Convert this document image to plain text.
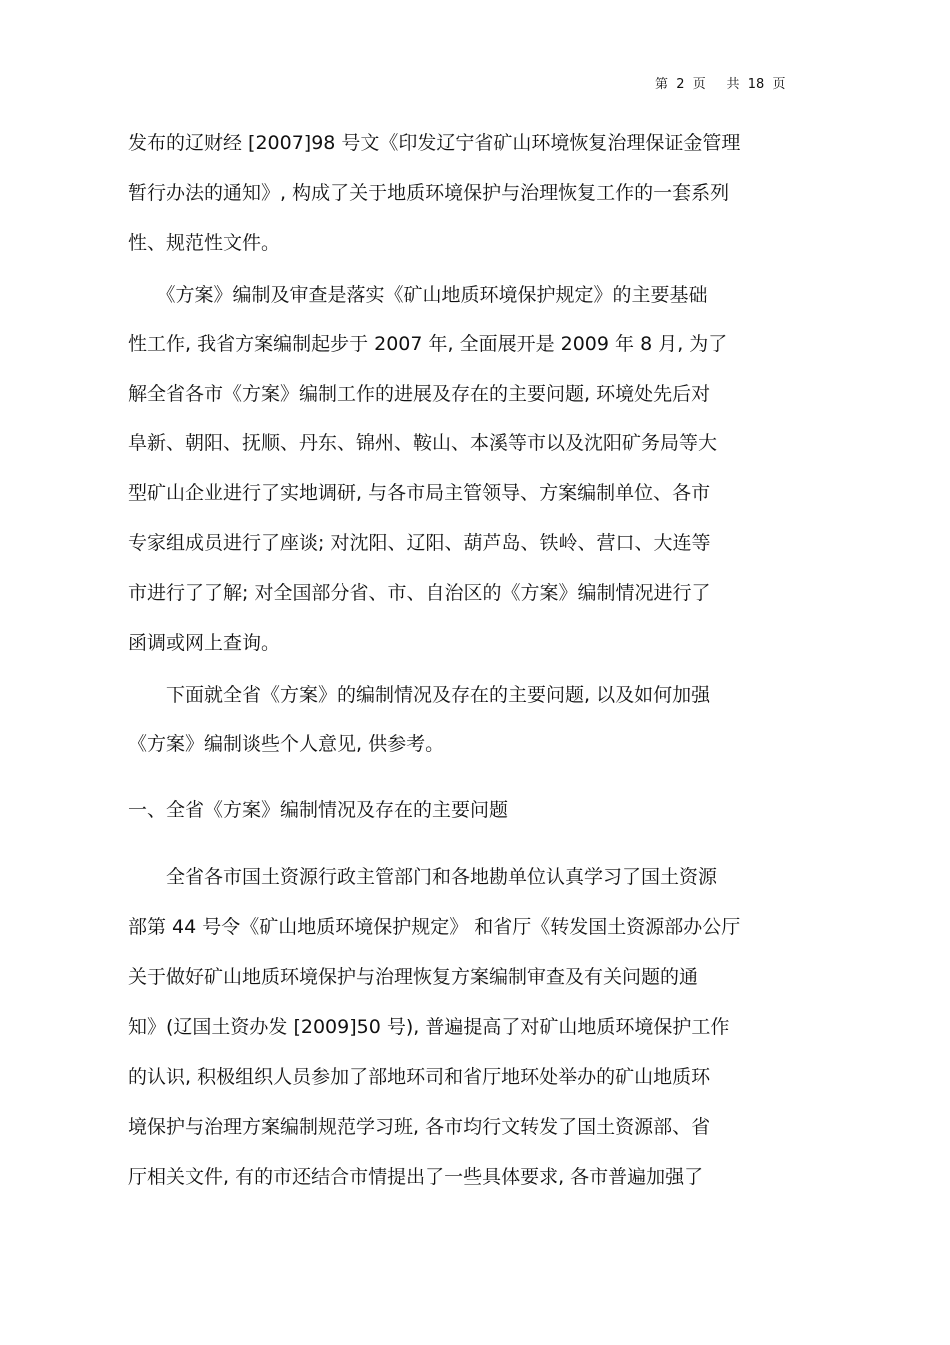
第  2  页     共  18  页
发布的辽财经 [2007]98 号文《印发辽宁省矿山环境恢复治理保证金管理
暂行办法的通知》, 构成了关于地质环境保护与治理恢复工作的一套系列
性、规范性文件。
　　《方案》编制及审查是落实《矿山地质环境保护规定》的主要基础
性工作, 我省方案编制起步于 2007 年, 全面展开是 2009 年 8 月, 为了
解全省各市《方案》编制工作的进展及存在的主要问题, 环境处先后对
阜新、朝阳、抚顺、丹东、锦州、鞍山、本溪等市以及沈阳矿务局等大
型矿山企业进行了实地调研, 与各市局主管领导、方案编制单位、各市
专家组成员进行了座谈; 对沈阳、辽阳、葫芦岛、铁岭、营口、大连等
市进行了了解; 对全国部分省、市、自治区的《方案》编制情况进行了
函调或网上查询。
　　下面就全省《方案》的编制情况及存在的主要问题, 以及如何加强
《方案》编制谈些个人意见, 供参考。
一、全省《方案》编制情况及存在的主要问题
　　全省各市国土资源行政主管部门和各地勘单位认真学习了国土资源
部第 44 号令《矿山地质环境保护规定》 和省厅《转发国土资源部办公厅
关于做好矿山地质环境保护与治理恢复方案编制审查及有关问题的通
知》(辽国土资办发 [2009]50 号), 普遍提高了对矿山地质环境保护工作
的认识, 积极组织人员参加了部地环司和省厅地环处举办的矿山地质环
境保护与治理方案编制规范学习班, 各市均行文转发了国土资源部、省
厅相关文件, 有的市还结合市情提出了一些具体要求, 各市普遍加强了
